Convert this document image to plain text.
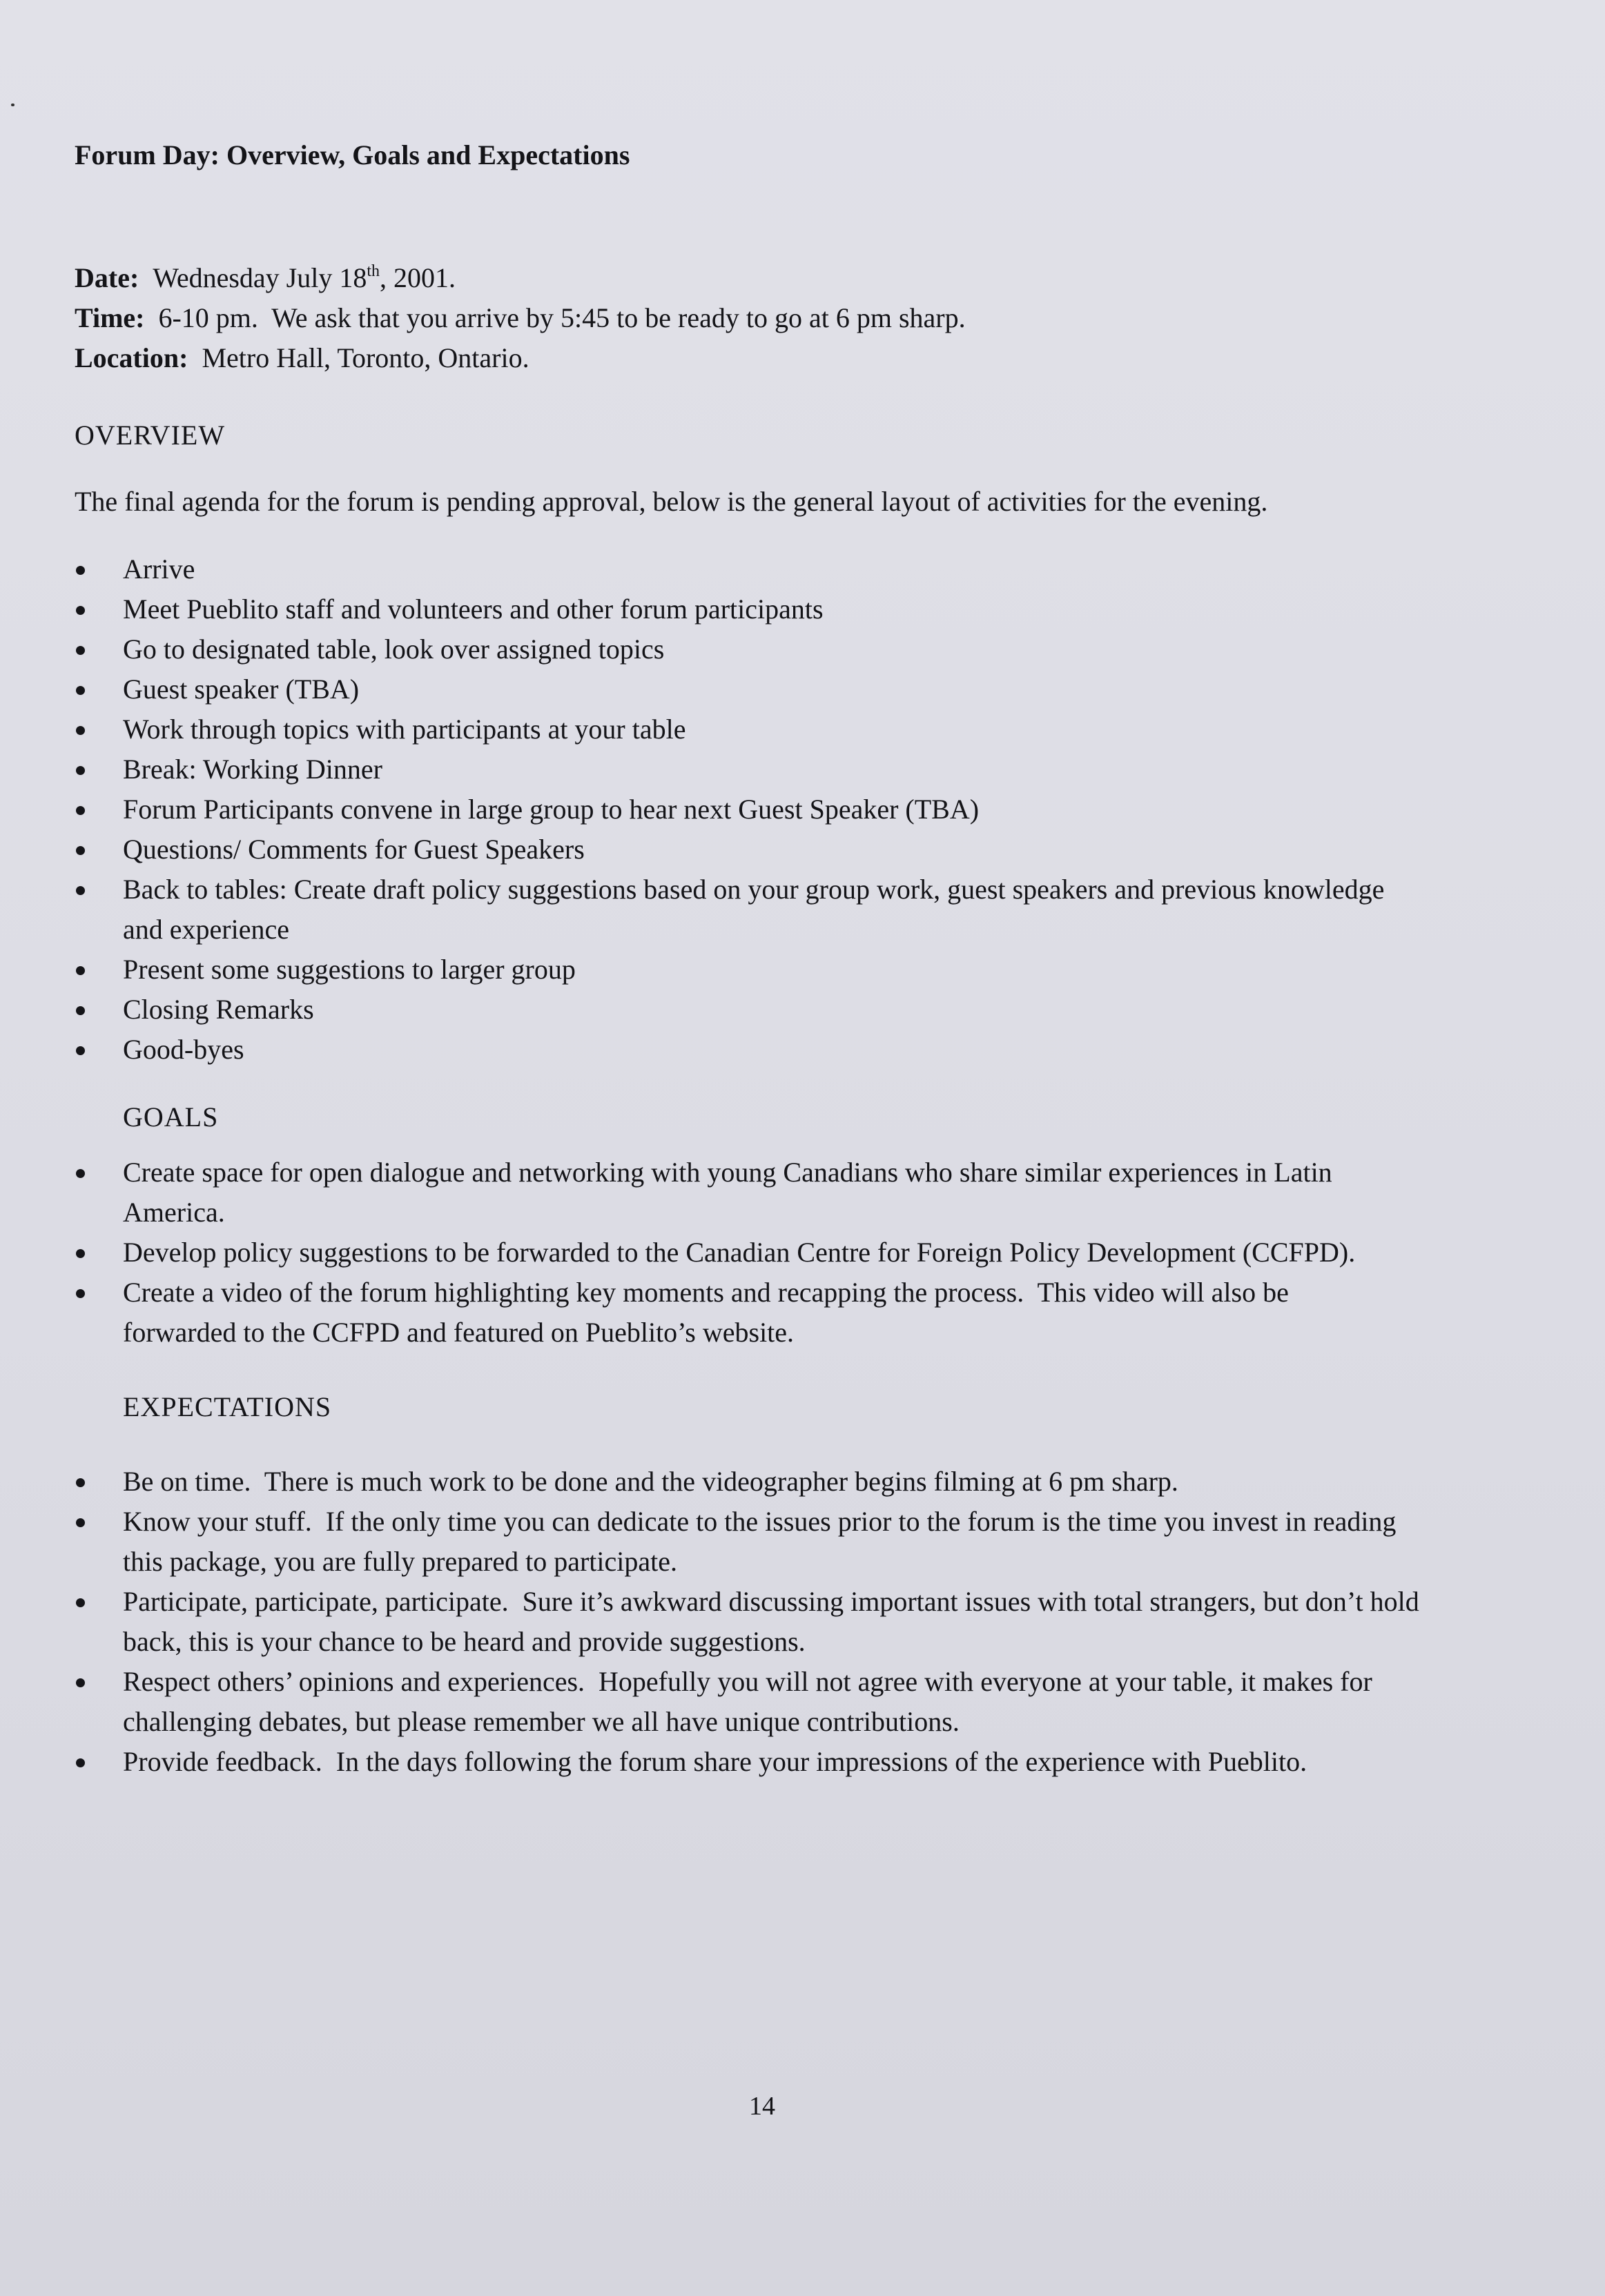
Forum Day: Overview, Goals and Expectations

Date: Wednesday July 18th, 2001.

Time: 6-10 pm.  We ask that you arrive by 5:45 to be ready to go at 6 pm sharp.

Location: Metro Hall, Toronto, Ontario.

OVERVIEW

The final agenda for the forum is pending approval, below is the general layout of activities for the evening.

Arrive
Meet Pueblito staff and volunteers and other forum participants
Go to designated table, look over assigned topics
Guest speaker (TBA)
Work through topics with participants at your table
Break: Working Dinner
Forum Participants convene in large group to hear next Guest Speaker (TBA)
Questions/ Comments for Guest Speakers
Back to tables: Create draft policy suggestions based on your group work, guest speakers and previous knowledge and experience
Present some suggestions to larger group
Closing Remarks
Good-byes

GOALS

Create space for open dialogue and networking with young Canadians who share similar experiences in Latin America.
Develop policy suggestions to be forwarded to the Canadian Centre for Foreign Policy Development (CCFPD).
Create a video of the forum highlighting key moments and recapping the process.  This video will also be forwarded to the CCFPD and featured on Pueblito’s website.

EXPECTATIONS

Be on time.  There is much work to be done and the videographer begins filming at 6 pm sharp.
Know your stuff.  If the only time you can dedicate to the issues prior to the forum is the time you invest in reading this package, you are fully prepared to participate.
Participate, participate, participate.  Sure it’s awkward discussing important issues with total strangers, but don’t hold back, this is your chance to be heard and provide suggestions.
Respect others’ opinions and experiences.  Hopefully you will not agree with everyone at your table, it makes for challenging debates, but please remember we all have unique contributions.
Provide feedback.  In the days following the forum share your impressions of the experience with Pueblito.
14
